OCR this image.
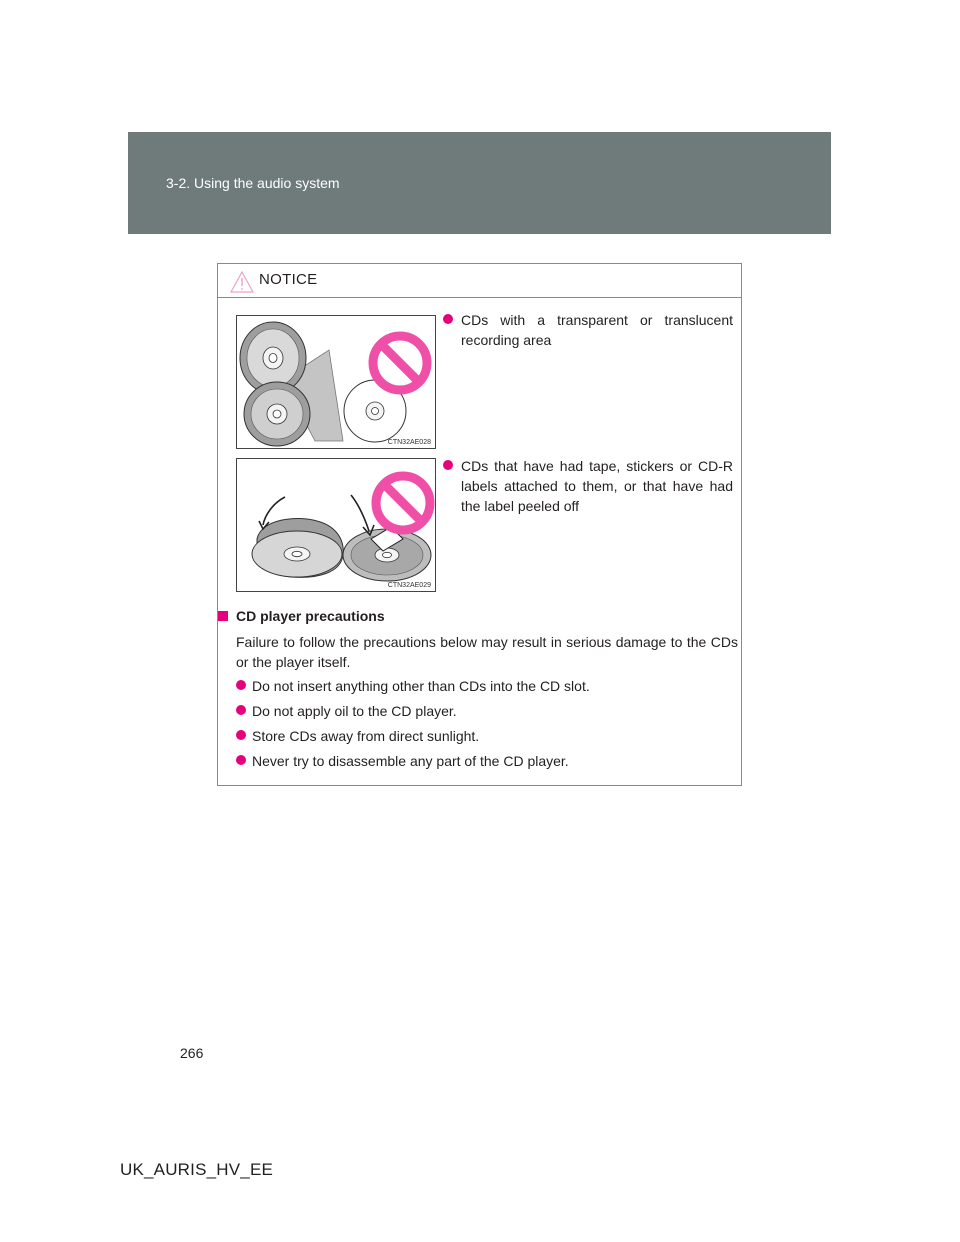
3-2. Using the audio system
NOTICE
CTN32AE028
CDs with a transparent or translucent recording area
CTN32AE029
CDs that have had tape, stickers or CD-R labels attached to them, or that have had the label peeled off
CD player precautions
Failure to follow the precautions below may result in serious damage to the CDs or the player itself.
Do not insert anything other than CDs into the CD slot.
Do not apply oil to the CD player.
Store CDs away from direct sunlight.
Never try to disassemble any part of the CD player.
266
UK_AURIS_HV_EE
